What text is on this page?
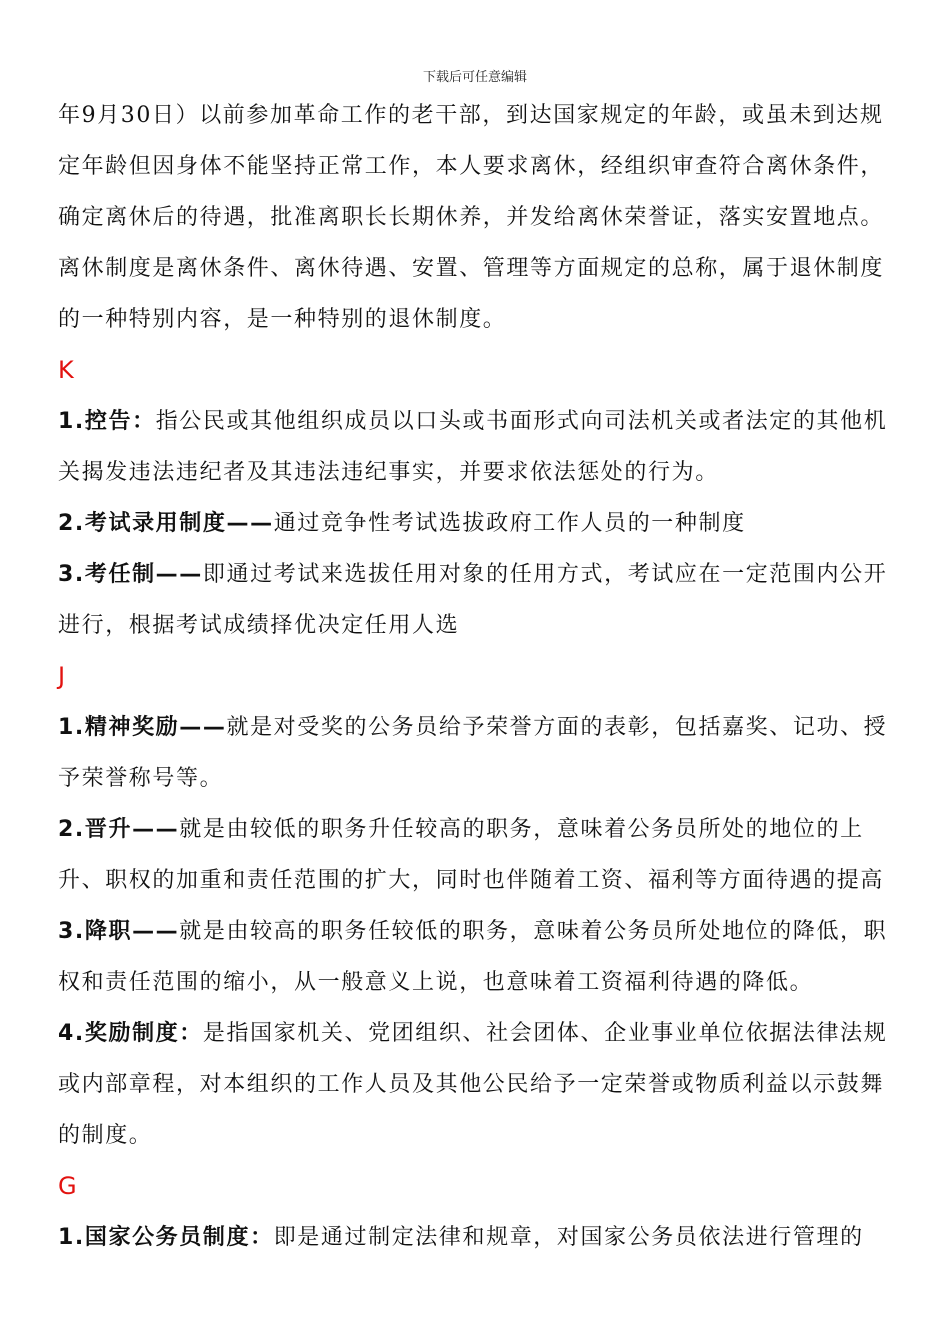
下载后可任意编辑

年9月30日）以前参加革命工作的老干部，到达国家规定的年龄，或虽未到达规定年龄但因身体不能坚持正常工作，本人要求离休，经组织审查符合离休条件，确定离休后的待遇，批准离职长长期休养，并发给离休荣誉证，落实安置地点。离休制度是离休条件、离休待遇、安置、管理等方面规定的总称，属于退休制度的一种特别内容，是一种特别的退休制度。

K

1.控告：指公民或其他组织成员以口头或书面形式向司法机关或者法定的其他机关揭发违法违纪者及其违法违纪事实，并要求依法惩处的行为。

2.考试录用制度——通过竞争性考试选拔政府工作人员的一种制度

3.考任制——即通过考试来选拔任用对象的任用方式，考试应在一定范围内公开进行，根据考试成绩择优决定任用人选

J

1.精神奖励——就是对受奖的公务员给予荣誉方面的表彰，包括嘉奖、记功、授予荣誉称号等。

2.晋升——就是由较低的职务升任较高的职务，意味着公务员所处的地位的上升、职权的加重和责任范围的扩大，同时也伴随着工资、福利等方面待遇的提高

3.降职——就是由较高的职务任较低的职务，意味着公务员所处地位的降低，职权和责任范围的缩小，从一般意义上说，也意味着工资福利待遇的降低。

4.奖励制度：是指国家机关、党团组织、社会团体、企业事业单位依据法律法规或内部章程，对本组织的工作人员及其他公民给予一定荣誉或物质利益以示鼓舞的制度。

G

1.国家公务员制度：即是通过制定法律和规章，对国家公务员依法进行管理的
